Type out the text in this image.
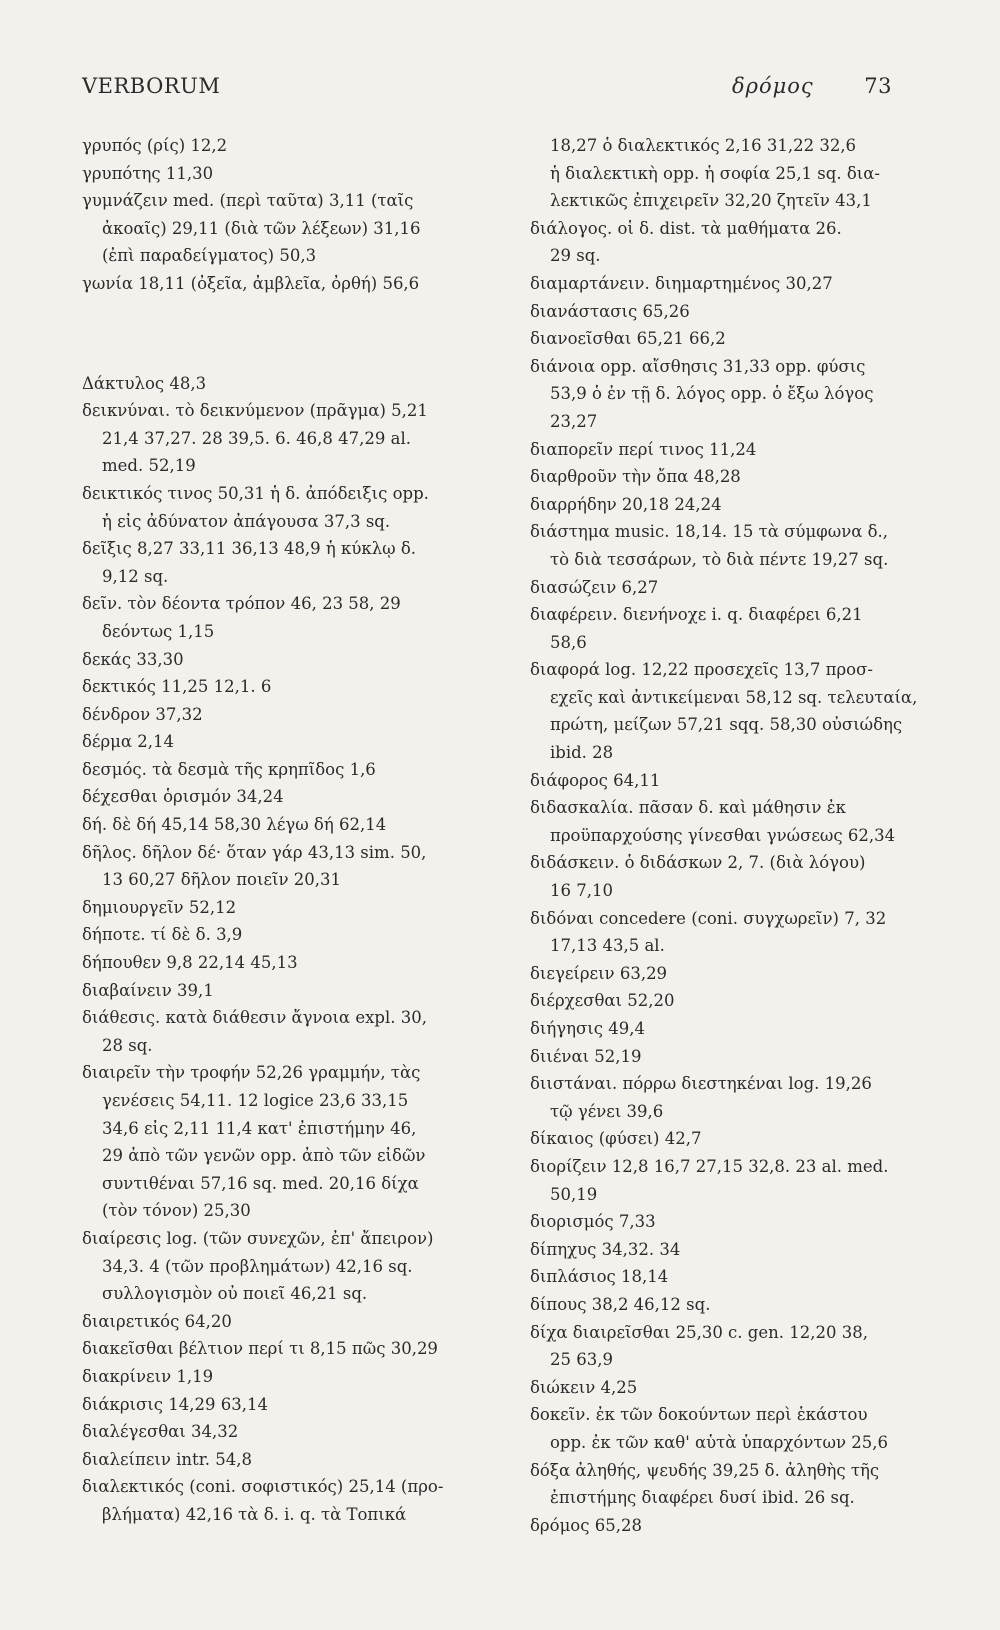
VERBORUM	δρόμος 73
γρυπός (ρίς) 12,2
γρυπότης 11,30
γυμνάζειν med. (περὶ ταῦτα) 3,11 (ταῖς
ἀκοαῖς) 29,11 (διὰ τῶν λέξεων) 31,16
(ἐπὶ παραδείγματος) 50,3
γωνία 18,11 (ὀξεῖα, ἀμβλεῖα, ὀρθή) 56,6
Δάκτυλος 48,3
δεικνύναι. τὸ δεικνύμενον (πρᾶγμα) 5,21
21,4 37,27. 28 39,5. 6. 46,8 47,29 al.
med. 52,19
δεικτικός τινος 50,31 ἡ δ. ἀπόδειξις opp.
ἡ εἰς ἀδύνατον ἀπάγουσα 37,3 sq.
δεῖξις 8,27 33,11 36,13 48,9 ἡ κύκλῳ δ.
9,12 sq.
δεῖν. τὸν δέοντα τρόπον 46, 23 58, 29
δεόντως 1,15
δεκάς 33,30
δεκτικός 11,25 12,1. 6
δένδρον 37,32
δέρμα 2,14
δεσμός. τὰ δεσμὰ τῆς κρηπῖδος 1,6
δέχεσθαι ὁρισμόν 34,24
δή. δὲ δή 45,14 58,30 λέγω δή 62,14
δῆλος. δῆλον δέ· ὅταν γάρ 43,13 sim. 50,
13 60,27 δῆλον ποιεῖν 20,31
δημιουργεῖν 52,12
δήποτε. τί δὲ δ. 3,9
δήπουθεν 9,8 22,14 45,13
διαβαίνειν 39,1
διάθεσις. κατὰ διάθεσιν ἄγνοια expl. 30,
28 sq.
διαιρεῖν τὴν τροφήν 52,26 γραμμήν, τὰς
γενέσεις 54,11. 12 logice 23,6 33,15
34,6 εἰς 2,11 11,4 κατ' ἐπιστήμην 46,
29 ἀπὸ τῶν γενῶν opp. ἀπὸ τῶν εἰδῶν
συντιθέναι 57,16 sq. med. 20,16 δίχα
(τὸν τόνον) 25,30
διαίρεσις log. (τῶν συνεχῶν, ἐπ' ἄπειρον)
34,3. 4 (τῶν προβλημάτων) 42,16 sq.
συλλογισμὸν οὐ ποιεῖ 46,21 sq.
διαιρετικός 64,20
διακεῖσθαι βέλτιον περί τι 8,15 πῶς 30,29
διακρίνειν 1,19
διάκρισις 14,29 63,14
διαλέγεσθαι 34,32
διαλείπειν intr. 54,8
διαλεκτικός (coni. σοφιστικός) 25,14 (προ-
βλήματα) 42,16 τὰ δ. i. q. τὰ Τοπικά
18,27 ὁ διαλεκτικός 2,16 31,22 32,6
ἡ διαλεκτικὴ opp. ἡ σοφία 25,1 sq. δια-
λεκτικῶς ἐπιχειρεῖν 32,20 ζητεῖν 43,1
διάλογος. οἱ δ. dist. τὰ μαθήματα 26.
29 sq.
διαμαρτάνειν. διημαρτημένος 30,27
διανάστασις 65,26
διανοεῖσθαι 65,21 66,2
διάνοια opp. αἴσθησις 31,33 opp. φύσις
53,9 ὁ ἐν τῇ δ. λόγος opp. ὁ ἔξω λόγος
23,27
διαπορεῖν περί τινος 11,24
διαρθροῦν τὴν ὄπα 48,28
διαρρήδην 20,18 24,24
διάστημα music. 18,14. 15 τὰ σύμφωνα δ.,
τὸ διὰ τεσσάρων, τὸ διὰ πέντε 19,27 sq.
διασώζειν 6,27
διαφέρειν. διενήνοχε i. q. διαφέρει 6,21
58,6
διαφορά log. 12,22 προσεχεῖς 13,7 προσ-
εχεῖς καὶ ἀντικείμεναι 58,12 sq. τελευταία,
πρώτη, μείζων 57,21 sqq. 58,30 οὐσιώδης
ibid. 28
διάφορος 64,11
διδασκαλία. πᾶσαν δ. καὶ μάθησιν ἐκ
προϋπαρχούσης γίνεσθαι γνώσεως 62,34
διδάσκειν. ὁ διδάσκων 2, 7. (διὰ λόγου)
16 7,10
διδόναι concedere (coni. συγχωρεῖν) 7, 32
17,13 43,5 al.
διεγείρειν 63,29
διέρχεσθαι 52,20
διήγησις 49,4
διιέναι 52,19
διιστάναι. πόρρω διεστηκέναι log. 19,26
τῷ γένει 39,6
δίκαιος (φύσει) 42,7
διορίζειν 12,8 16,7 27,15 32,8. 23 al. med.
50,19
διορισμός 7,33
δίπηχυς 34,32. 34
διπλάσιος 18,14
δίπους 38,2 46,12 sq.
δίχα διαιρεῖσθαι 25,30 c. gen. 12,20 38,
25 63,9
διώκειν 4,25
δοκεῖν. ἐκ τῶν δοκούντων περὶ ἑκάστου
opp. ἐκ τῶν καθ' αὑτὰ ὑπαρχόντων 25,6
δόξα ἀληθής, ψευδής 39,25 δ. ἀληθὴς τῆς
ἐπιστήμης διαφέρει δυσί ibid. 26 sq.
δρόμος 65,28
